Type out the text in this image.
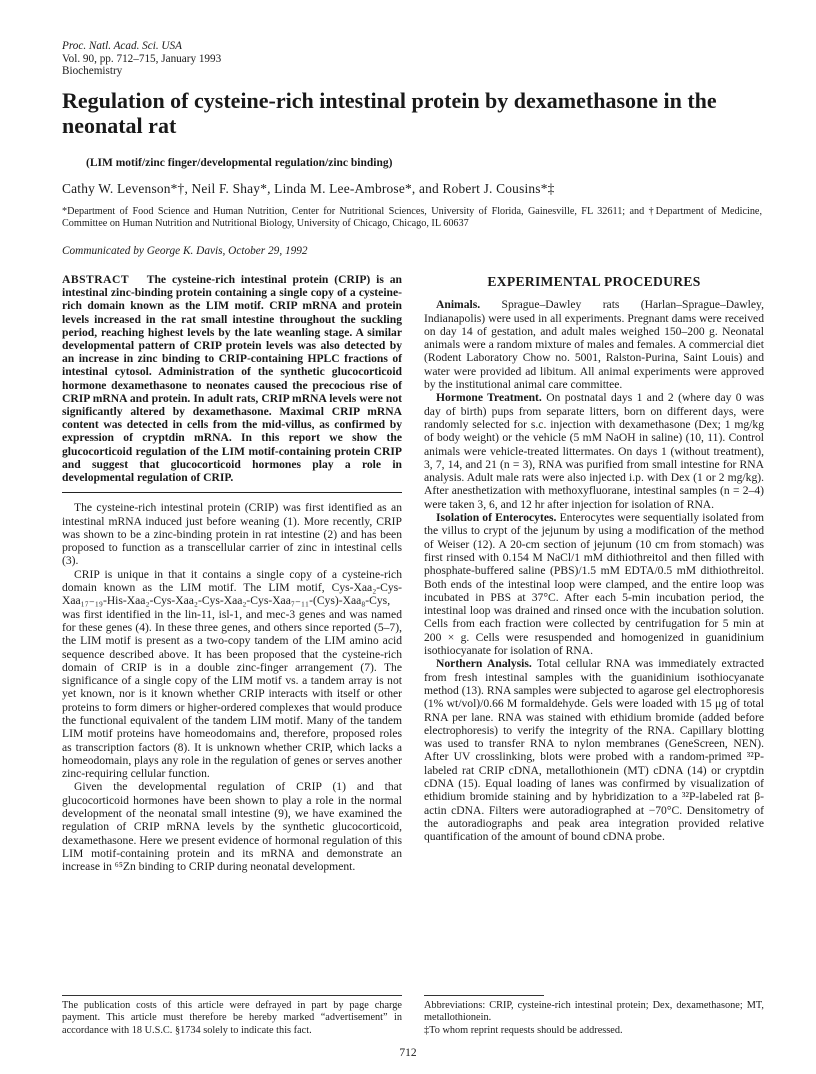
Proc. Natl. Acad. Sci. USA
Vol. 90, pp. 712–715, January 1993
Biochemistry
Regulation of cysteine-rich intestinal protein by dexamethasone in the neonatal rat
(LIM motif/zinc finger/developmental regulation/zinc binding)
Cathy W. Levenson*†, Neil F. Shay*, Linda M. Lee-Ambrose*, and Robert J. Cousins*‡
*Department of Food Science and Human Nutrition, Center for Nutritional Sciences, University of Florida, Gainesville, FL 32611; and †Department of Medicine, Committee on Human Nutrition and Nutritional Biology, University of Chicago, Chicago, IL 60637
Communicated by George K. Davis, October 29, 1992

ABSTRACT The cysteine-rich intestinal protein (CRIP) is an intestinal zinc-binding protein containing a single copy of a cysteine-rich domain known as the LIM motif. CRIP mRNA and protein levels increased in the rat small intestine throughout the suckling period, reaching highest levels by the late weanling stage. A similar developmental pattern of CRIP protein levels was also detected by an increase in zinc binding to CRIP-containing HPLC fractions of intestinal cytosol. Administration of the synthetic glucocorticoid hormone dexamethasone to neonates caused the precocious rise of CRIP mRNA and protein. In adult rats, CRIP mRNA levels were not significantly altered by dexamethasone. Maximal CRIP mRNA content was detected in cells from the mid-villus, as confirmed by expression of cryptdin mRNA. In this report we show the glucocorticoid regulation of the LIM motif-containing protein CRIP and suggest that glucocorticoid hormones play a role in developmental regulation of CRIP.

The cysteine-rich intestinal protein (CRIP) was first identified as an intestinal mRNA induced just before weaning (1). More recently, CRIP was shown to be a zinc-binding protein in rat intestine (2) and has been proposed to function as a transcellular carrier of zinc in intestinal cells (3).

CRIP is unique in that it contains a single copy of a cysteine-rich domain known as the LIM motif. The LIM motif, Cys-Xaa₂-Cys-Xaa₁₇₋₁₉-His-Xaa₂-Cys-Xaa₂-Cys-Xaa₂-Cys-Xaa₇₋₁₁-(Cys)-Xaa₈-Cys, was first identified in the lin-11, isl-1, and mec-3 genes and was named for these genes (4). In these three genes, and others since reported (5–7), the LIM motif is present as a two-copy tandem of the LIM amino acid sequence described above. It has been proposed that the cysteine-rich domain of CRIP is in a double zinc-finger arrangement (7). The significance of a single copy of the LIM motif vs. a tandem array is not yet known, nor is it known whether CRIP interacts with itself or other proteins to form dimers or higher-ordered complexes that would produce the functional equivalent of the tandem LIM motif. Many of the tandem LIM motif proteins have homeodomains and, therefore, proposed roles as transcription factors (8). It is unknown whether CRIP, which lacks a homeodomain, plays any role in the regulation of genes or serves another zinc-requiring cellular function.

Given the developmental regulation of CRIP (1) and that glucocorticoid hormones have been shown to play a role in the normal development of the neonatal small intestine (9), we have examined the regulation of CRIP mRNA levels by the synthetic glucocorticoid, dexamethasone. Here we present evidence of hormonal regulation of this LIM motif-containing protein and its mRNA and demonstrate an increase in ⁶⁵Zn binding to CRIP during neonatal development.

EXPERIMENTAL PROCEDURES

Animals. Sprague–Dawley rats (Harlan–Sprague–Dawley, Indianapolis) were used in all experiments. Pregnant dams were received on day 14 of gestation, and adult males weighed 150–200 g. Neonatal animals were a random mixture of males and females. A commercial diet (Rodent Laboratory Chow no. 5001, Ralston-Purina, Saint Louis) and water were provided ad libitum. All animal experiments were approved by the institutional animal care committee.

Hormone Treatment. On postnatal days 1 and 2 (where day 0 was day of birth) pups from separate litters, born on different days, were randomly selected for s.c. injection with dexamethasone (Dex; 1 mg/kg of body weight) or the vehicle (5 mM NaOH in saline) (10, 11). Control animals were vehicle-treated littermates. On days 1 (without treatment), 3, 7, 14, and 21 (n = 3), RNA was purified from small intestine for RNA analysis. Adult male rats were also injected i.p. with Dex (1 or 2 mg/kg). After anesthetization with methoxyfluorane, intestinal samples (n = 2–4) were taken 3, 6, and 12 hr after injection for isolation of RNA.

Isolation of Enterocytes. Enterocytes were sequentially isolated from the villus to crypt of the jejunum by using a modification of the method of Weiser (12). A 20-cm section of jejunum (10 cm from stomach) was first rinsed with 0.154 M NaCl/1 mM dithiothreitol and then filled with phosphate-buffered saline (PBS)/1.5 mM EDTA/0.5 mM dithiothreitol. Both ends of the intestinal loop were clamped, and the entire loop was incubated in PBS at 37°C. After each 5-min incubation period, the intestinal loop was drained and rinsed once with the incubation solution. Cells from each fraction were collected by centrifugation for 5 min at 200 × g. Cells were resuspended and homogenized in guanidinium isothiocyanate for isolation of RNA.

Northern Analysis. Total cellular RNA was immediately extracted from fresh intestinal samples with the guanidinium isothiocyanate method (13). RNA samples were subjected to agarose gel electrophoresis (1% wt/vol)/0.66 M formaldehyde. Gels were loaded with 15 μg of total RNA per lane. RNA was stained with ethidium bromide (added before electrophoresis) to verify the integrity of the RNA. Capillary blotting was used to transfer RNA to nylon membranes (GeneScreen, NEN). After UV crosslinking, blots were probed with a random-primed ³²P-labeled rat CRIP cDNA, metallothionein (MT) cDNA (14) or cryptdin cDNA (15). Equal loading of lanes was confirmed by visualization of ethidium bromide staining and by hybridization to a ³²P-labeled rat β-actin cDNA. Filters were autoradiographed at −70°C. Densitometry of the autoradiographs and peak area integration provided relative quantification of the amount of bound cDNA probe.

The publication costs of this article were defrayed in part by page charge payment. This article must therefore be hereby marked “advertisement” in accordance with 18 U.S.C. §1734 solely to indicate this fact.
Abbreviations: CRIP, cysteine-rich intestinal protein; Dex, dexamethasone; MT, metallothionein.
‡To whom reprint requests should be addressed.
712
